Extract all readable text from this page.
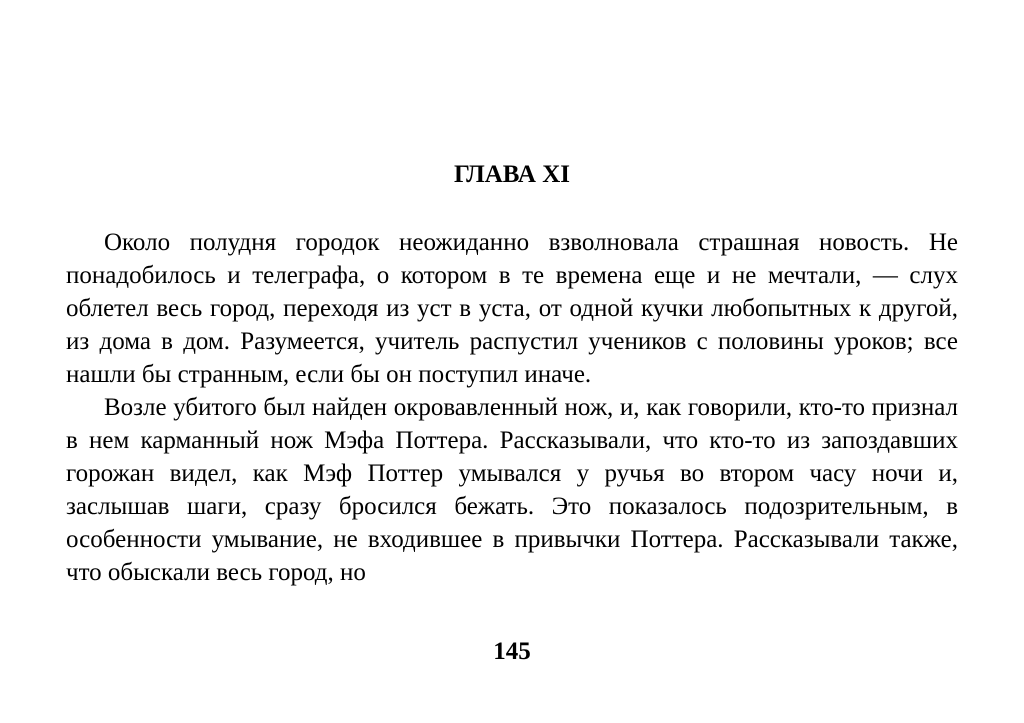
ГЛАВА XI

Около полудня городок неожиданно взволновала страшная новость. Не понадобилось и телеграфа, о котором в те времена еще и не мечтали, — слух облетел весь город, переходя из уст в уста, от одной кучки любопытных к другой, из дома в дом. Разумеется, учитель распустил учеников с половины уроков; все нашли бы странным, если бы он поступил иначе.

Возле убитого был найден окровавленный нож, и, как говорили, кто-то признал в нем карманный нож Мэфа Поттера. Рассказывали, что кто-то из запоздавших горожан видел, как Мэф Поттер умывался у ручья во втором часу ночи и, заслышав шаги, сразу бросился бежать. Это показалось подозрительным, в особенности умывание, не входившее в привычки Поттера. Рассказывали также, что обыскали весь город, но

145
